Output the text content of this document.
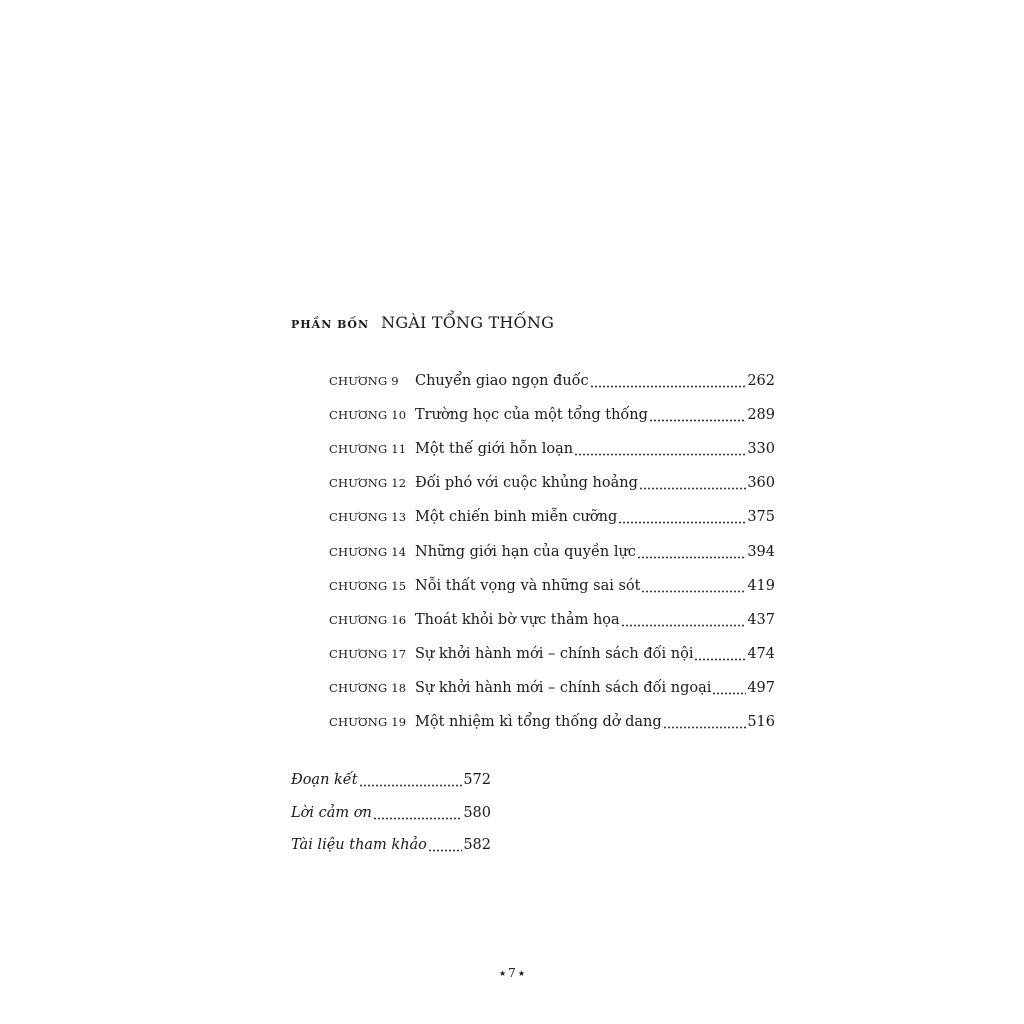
PHẦN BỐN NGÀI TỔNG THỐNG
CHƯƠNG 9	Chuyển giao ngọn đuốc	262
CHƯƠNG 10 Trường học của một tổng thống	289
CHƯƠNG 11 Một thế giới hỗn loạn	330
CHƯƠNG 12 Đối phó với cuộc khủng hoảng	360
CHƯƠNG 13 Một chiến binh miễn cưỡng	375
CHƯƠNG 14 Những giới hạn của quyền lực	394
CHƯƠNG 15 Nỗi thất vọng và những sai sót	419
CHƯƠNG 16 Thoát khỏi bờ vực thảm họa	437
CHƯƠNG 17 Sự khởi hành mới – chính sách đối nội	474
CHƯƠNG 18 Sự khởi hành mới – chính sách đối ngoại 497
CHƯƠNG 19 Một nhiệm kì tổng thống dở dang	516
Đoạn kết	572
Lời cảm ơn	580
Tài liệu tham khảo	582
★ 7 ★
